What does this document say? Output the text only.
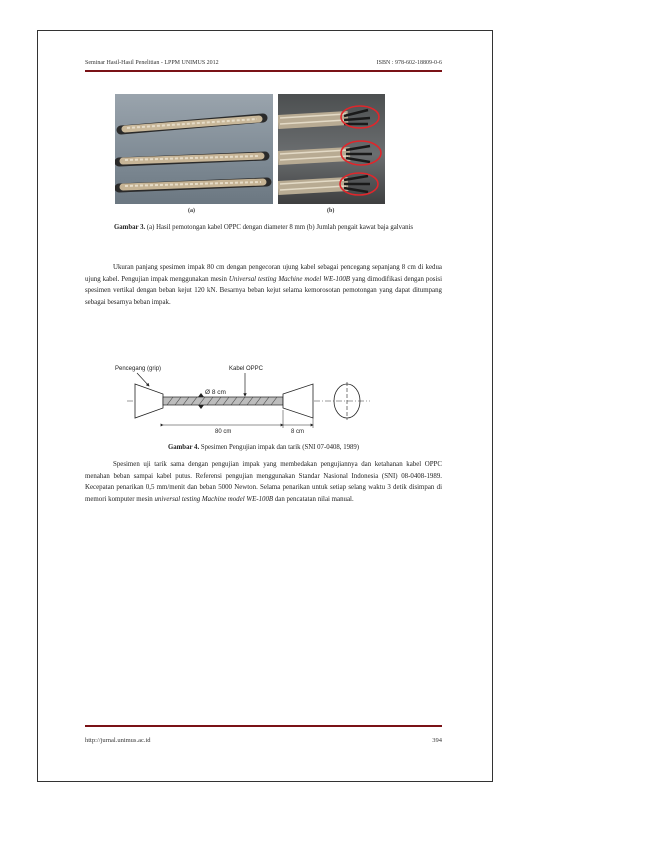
Seminar Hasil-Hasil Penelitian - LPPM UNIMUS 2012	ISBN : 978-602-18809-0-6
(a)	(b)
Gambar 3. (a) Hasil pemotongan kabel OPPC dengan diameter 8 mm (b) Jumlah pengait kawat baja galvanis
Ukuran panjang spesimen impak 80 cm dengan pengecoran ujung kabel sebagai pencegang sepanjang 8 cm di kedua ujung kabel. Pengujian impak menggunakan mesin Universal testing Machine model WE-100B yang dimodifikasi dengan posisi spesimen vertikal dengan beban kejut 120 kN. Besarnya beban kejut selama kemorosotan pemotongan yang dapat ditumpang sebagai besarnya beban impak.
Pencegang (grip)	Kabel OPPC
Ø 8 cm
80 cm	8 cm
Gambar 4. Spesimen Pengujian impak dan tarik (SNI 07-0408, 1989)
Spesimen uji tarik sama dengan pengujian impak yang membedakan pengujiannya dan ketahanan kabel OPPC menahan beban sampai kabel putus. Referensi pengujian menggunakan Standar Nasional Indonesia (SNI) 08-0408-1989. Kecepatan penarikan 0,5 mm/menit dan beban 5000 Newton. Selama penarikan untuk setiap selang waktu 3 detik disimpan di memori komputer mesin universal testing Machine model WE-100B dan pencatatan nilai manual.
http://jurnal.unimus.ac.id	394
